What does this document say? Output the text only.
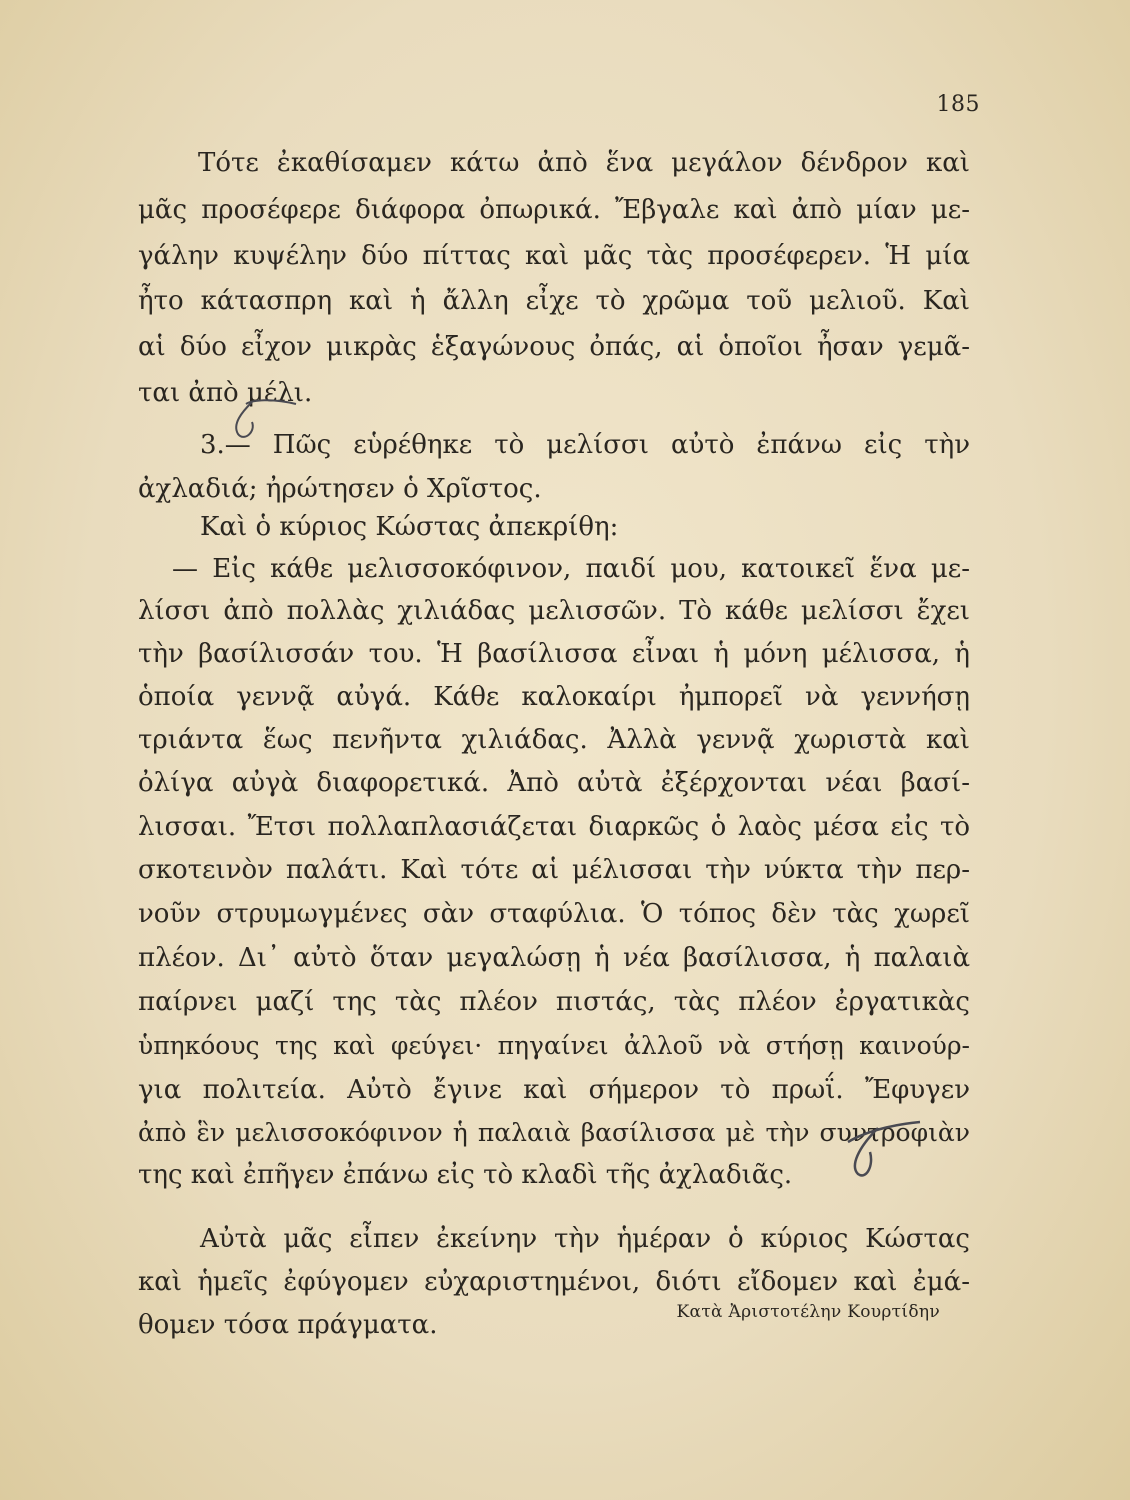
185
Τότε ἐκαθίσαμεν κάτω ἀπὸ ἕνα μεγάλον δένδρον καὶ
μᾶς προσέφερε διάφορα ὀπωρικά. Ἔβγαλε καὶ ἀπὸ μίαν με-
γάλην κυψέλην δύο πίττας καὶ μᾶς τὰς προσέφερεν. Ἡ μία
ἦτο κάτασπρη καὶ ἡ ἄλλη εἶχε τὸ χρῶμα τοῦ μελιοῦ. Καὶ
αἱ δύο εἶχον μικρὰς ἑξαγώνους ὀπάς, αἱ ὁποῖοι ἦσαν γεμᾶ-
ται ἀπὸ μέλι.
3.— Πῶς εὑρέθηκε τὸ μελίσσι αὐτὸ ἐπάνω εἰς τὴν
ἀχλαδιά; ἠρώτησεν ὁ Χρῖστος.
Καὶ ὁ κύριος Κώστας ἀπεκρίθη:
— Εἰς κάθε μελισσοκόφινον, παιδί μου, κατοικεῖ ἕνα με-
λίσσι ἀπὸ πολλὰς χιλιάδας μελισσῶν. Τὸ κάθε μελίσσι ἔχει
τὴν βασίλισσάν του. Ἡ βασίλισσα εἶναι ἡ μόνη μέλισσα, ἡ
ὁποία γεννᾷ αὐγά. Κάθε καλοκαίρι ἠμπορεῖ νὰ γεννήσῃ
τριάντα ἕως πενῆντα χιλιάδας. Ἀλλὰ γεννᾷ χωριστὰ καὶ
ὀλίγα αὐγὰ διαφορετικά. Ἀπὸ αὐτὰ ἐξέρχονται νέαι βασί-
λισσαι. Ἔτσι πολλαπλασιάζεται διαρκῶς ὁ λαὸς μέσα εἰς τὸ
σκοτεινὸν παλάτι. Καὶ τότε αἱ μέλισσαι τὴν νύκτα τὴν περ-
νοῦν στρυμωγμένες σὰν σταφύλια. Ὁ τόπος δὲν τὰς χωρεῖ
πλέον. Δι᾽ αὐτὸ ὅταν μεγαλώσῃ ἡ νέα βασίλισσα, ἡ παλαιὰ
παίρνει μαζί της τὰς πλέον πιστάς, τὰς πλέον ἐργατικὰς
ὑπηκόους της καὶ φεύγει· πηγαίνει ἀλλοῦ νὰ στήσῃ καινούρ-
για πολιτεία. Αὐτὸ ἔγινε καὶ σήμερον τὸ πρωΐ. Ἔφυγεν
ἀπὸ ἓν μελισσοκόφινον ἡ παλαιὰ βασίλισσα μὲ τὴν συντροφιὰν
της καὶ ἐπῆγεν ἐπάνω εἰς τὸ κλαδὶ τῆς ἀχλαδιᾶς.
Αὐτὰ μᾶς εἶπεν ἐκείνην τὴν ἡμέραν ὁ κύριος Κώστας
καὶ ἡμεῖς ἐφύγομεν εὐχαριστημένοι, διότι εἴδομεν καὶ ἐμά-
θομεν τόσα πράγματα.	Κατὰ Ἀριστοτέλην Κουρτίδην
